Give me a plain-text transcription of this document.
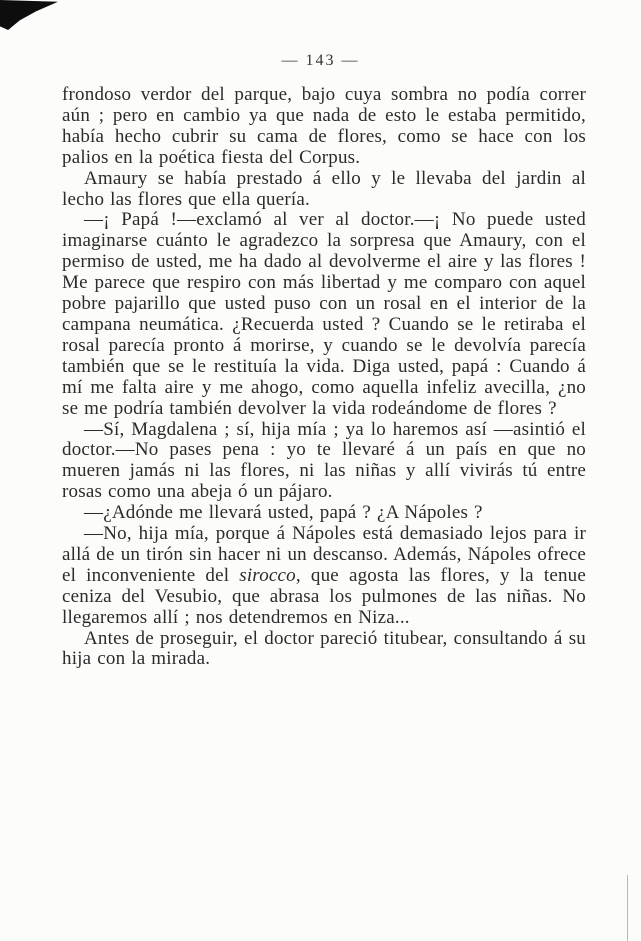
— 143 —

frondoso verdor del parque, bajo cuya sombra no podía correr aún ; pero en cambio ya que nada de esto le estaba permitido, había hecho cubrir su cama de flores, como se hace con los palios en la poética fiesta del Corpus.

Amaury se había prestado á ello y le llevaba del jardin al lecho las flores que ella quería.

—¡ Papá !—exclamó al ver al doctor.—¡ No puede usted imaginarse cuánto le agradezco la sorpresa que Amaury, con el permiso de usted, me ha dado al devolverme el aire y las flores ! Me parece que respiro con más libertad y me comparo con aquel pobre pajarillo que usted puso con un rosal en el interior de la campana neumática. ¿Recuerda usted ? Cuando se le retiraba el rosal parecía pronto á morirse, y cuando se le devolvía parecía también que se le restituía la vida. Diga usted, papá : Cuando á mí me falta aire y me ahogo, como aquella infeliz avecilla, ¿no se me podría también devolver la vida rodeándome de flores ?

—Sí, Magdalena ; sí, hija mía ; ya lo haremos así —asintió el doctor.—No pases pena : yo te llevaré á un país en que no mueren jamás ni las flores, ni las niñas y allí vivirás tú entre rosas como una abeja ó un pájaro.

—¿Adónde me llevará usted, papá ? ¿A Nápoles ?

—No, hija mía, porque á Nápoles está demasiado lejos para ir allá de un tirón sin hacer ni un descanso. Además, Nápoles ofrece el inconveniente del sirocco, que agosta las flores, y la tenue ceniza del Vesubio, que abrasa los pulmones de las niñas. No llegaremos allí ; nos detendremos en Niza...

Antes de proseguir, el doctor pareció titubear, consultando á su hija con la mirada.
